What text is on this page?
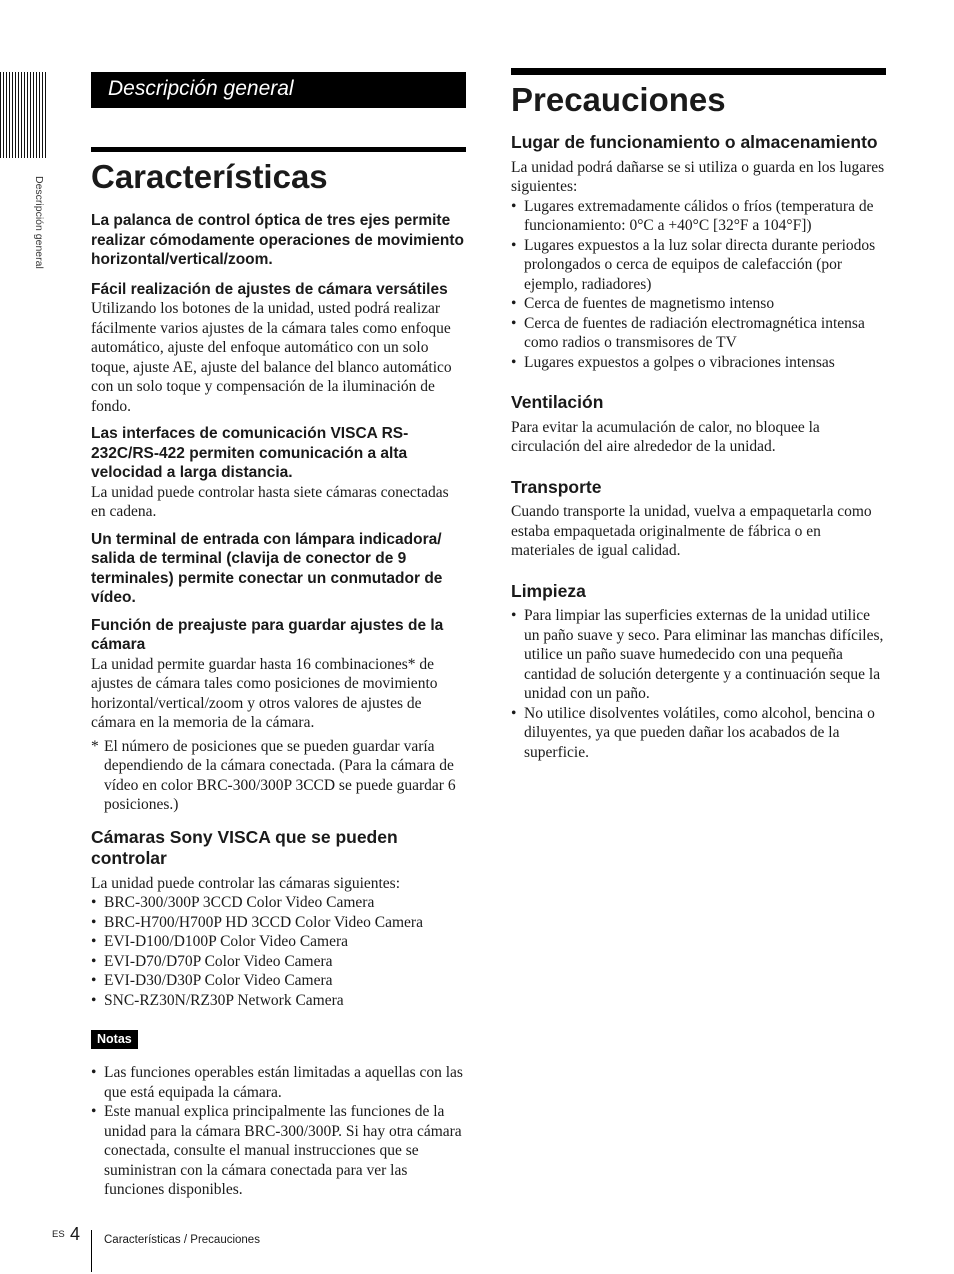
Descripción general
Descripción general
Características
La palanca de control óptica de tres ejes permite realizar cómodamente operaciones de movimiento horizontal/vertical/zoom.
Fácil realización de ajustes de cámara versátiles
Utilizando los botones de la unidad, usted podrá realizar fácilmente varios ajustes de la cámara tales como enfoque automático, ajuste del enfoque automático con un solo toque, ajuste AE, ajuste del balance del blanco automático con un solo toque y compensación de la iluminación de fondo.
Las interfaces de comunicación VISCA RS-232C/RS-422 permiten comunicación a alta velocidad a larga distancia.
La unidad puede controlar hasta siete cámaras conectadas en cadena.
Un terminal de entrada con lámpara indicadora/ salida de terminal (clavija de conector de 9 terminales) permite conectar un conmutador de vídeo.
Función de preajuste para guardar ajustes de la cámara
La unidad permite guardar hasta 16 combinaciones* de ajustes de cámara tales como posiciones de movimiento horizontal/vertical/zoom y otros valores de ajustes de cámara en la memoria de la cámara.
* El número de posiciones que se pueden guardar varía dependiendo de la cámara conectada. (Para la cámara de vídeo en color BRC-300/300P 3CCD se puede guardar 6 posiciones.)
Cámaras Sony VISCA que se pueden controlar
La unidad puede controlar las cámaras siguientes:
• BRC-300/300P 3CCD Color Video Camera
• BRC-H700/H700P HD 3CCD Color Video Camera
• EVI-D100/D100P Color Video Camera
• EVI-D70/D70P Color Video Camera
• EVI-D30/D30P Color Video Camera
• SNC-RZ30N/RZ30P Network Camera
Notas
• Las funciones operables están limitadas a aquellas con las que está equipada la cámara.
• Este manual explica principalmente las funciones de la unidad para la cámara BRC-300/300P. Si hay otra cámara conectada, consulte el manual instrucciones que se suministran con la cámara conectada para ver las funciones disponibles.
Precauciones
Lugar de funcionamiento o almacenamiento
La unidad podrá dañarse se si utiliza o guarda en los lugares siguientes:
• Lugares extremadamente cálidos o fríos (temperatura de funcionamiento: 0°C a +40°C [32°F a 104°F])
• Lugares expuestos a la luz solar directa durante periodos prolongados o cerca de equipos de calefacción (por ejemplo, radiadores)
• Cerca de fuentes de magnetismo intenso
• Cerca de fuentes de radiación electromagnética intensa como radios o transmisores de TV
• Lugares expuestos a golpes o vibraciones intensas
Ventilación
Para evitar la acumulación de calor, no bloquee la circulación del aire alrededor de la unidad.
Transporte
Cuando transporte la unidad, vuelva a empaquetarla como estaba empaquetada originalmente de fábrica o en materiales de igual calidad.
Limpieza
• Para limpiar las superficies externas de la unidad utilice un paño suave y seco. Para eliminar las manchas difíciles, utilice un paño suave humedecido con una pequeña cantidad de solución detergente y a continuación seque la unidad con un paño.
• No utilice disolventes volátiles, como alcohol, bencina o diluyentes, ya que pueden dañar los acabados de la superficie.
ES 4 Características / Precauciones
